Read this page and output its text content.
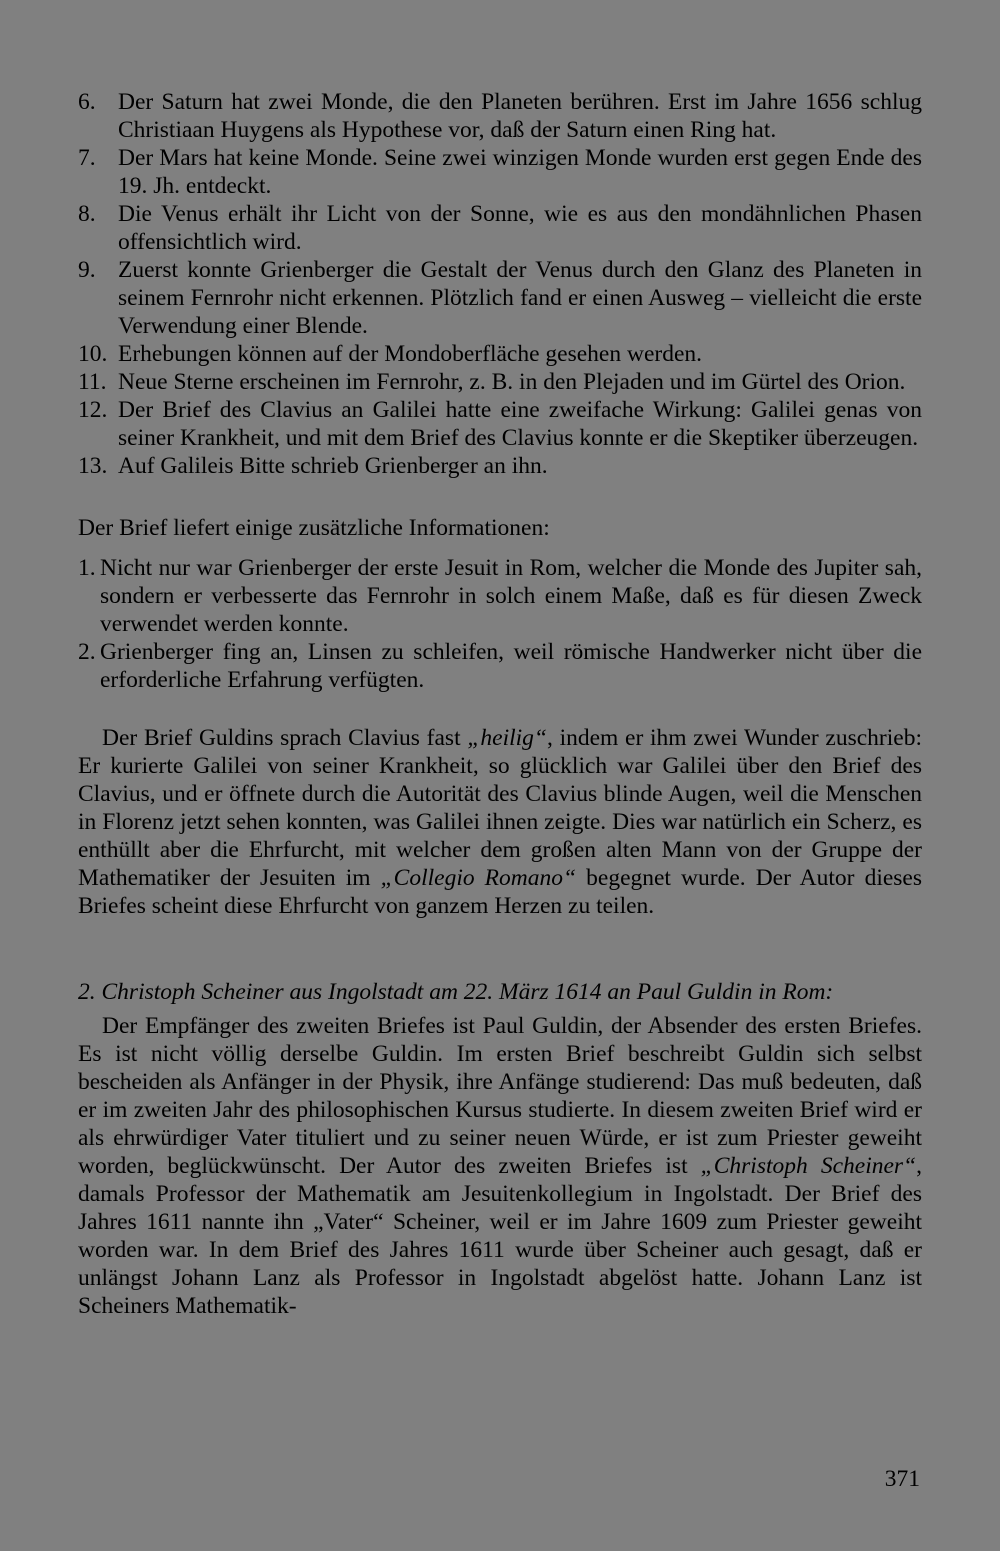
6. Der Saturn hat zwei Monde, die den Planeten berühren. Erst im Jahre 1656 schlug Christiaan Huygens als Hypothese vor, daß der Saturn einen Ring hat.
7. Der Mars hat keine Monde. Seine zwei winzigen Monde wurden erst gegen Ende des 19. Jh. entdeckt.
8. Die Venus erhält ihr Licht von der Sonne, wie es aus den mondähnlichen Phasen offensichtlich wird.
9. Zuerst konnte Grienberger die Gestalt der Venus durch den Glanz des Planeten in seinem Fernrohr nicht erkennen. Plötzlich fand er einen Ausweg – vielleicht die erste Verwendung einer Blende.
10. Erhebungen können auf der Mondoberfläche gesehen werden.
11. Neue Sterne erscheinen im Fernrohr, z. B. in den Plejaden und im Gürtel des Orion.
12. Der Brief des Clavius an Galilei hatte eine zweifache Wirkung: Galilei genas von seiner Krankheit, und mit dem Brief des Clavius konnte er die Skeptiker überzeugen.
13. Auf Galileis Bitte schrieb Grienberger an ihn.

Der Brief liefert einige zusätzliche Informationen:

1. Nicht nur war Grienberger der erste Jesuit in Rom, welcher die Monde des Jupiter sah, sondern er verbesserte das Fernrohr in solch einem Maße, daß es für diesen Zweck verwendet werden konnte.
2. Grienberger fing an, Linsen zu schleifen, weil römische Handwerker nicht über die erforderliche Erfahrung verfügten.

Der Brief Guldins sprach Clavius fast „heilig“, indem er ihm zwei Wunder zuschrieb: Er kurierte Galilei von seiner Krankheit, so glücklich war Galilei über den Brief des Clavius, und er öffnete durch die Autorität des Clavius blinde Augen, weil die Menschen in Florenz jetzt sehen konnten, was Galilei ihnen zeigte. Dies war natürlich ein Scherz, es enthüllt aber die Ehrfurcht, mit welcher dem großen alten Mann von der Gruppe der Mathematiker der Jesuiten im „Collegio Romano“ begegnet wurde. Der Autor dieses Briefes scheint diese Ehrfurcht von ganzem Herzen zu teilen.

2. Christoph Scheiner aus Ingolstadt am 22. März 1614 an Paul Guldin in Rom:

Der Empfänger des zweiten Briefes ist Paul Guldin, der Absender des ersten Briefes. Es ist nicht völlig derselbe Guldin. Im ersten Brief beschreibt Guldin sich selbst bescheiden als Anfänger in der Physik, ihre Anfänge studierend: Das muß bedeuten, daß er im zweiten Jahr des philosophischen Kursus studierte. In diesem zweiten Brief wird er als ehrwürdiger Vater tituliert und zu seiner neuen Würde, er ist zum Priester geweiht worden, beglückwünscht. Der Autor des zweiten Briefes ist „Christoph Scheiner“, damals Professor der Mathematik am Jesuitenkollegium in Ingolstadt. Der Brief des Jahres 1611 nannte ihn „Vater“ Scheiner, weil er im Jahre 1609 zum Priester geweiht worden war. In dem Brief des Jahres 1611 wurde über Scheiner auch gesagt, daß er unlängst Johann Lanz als Professor in Ingolstadt abgelöst hatte. Johann Lanz ist Scheiners Mathematik-

371
